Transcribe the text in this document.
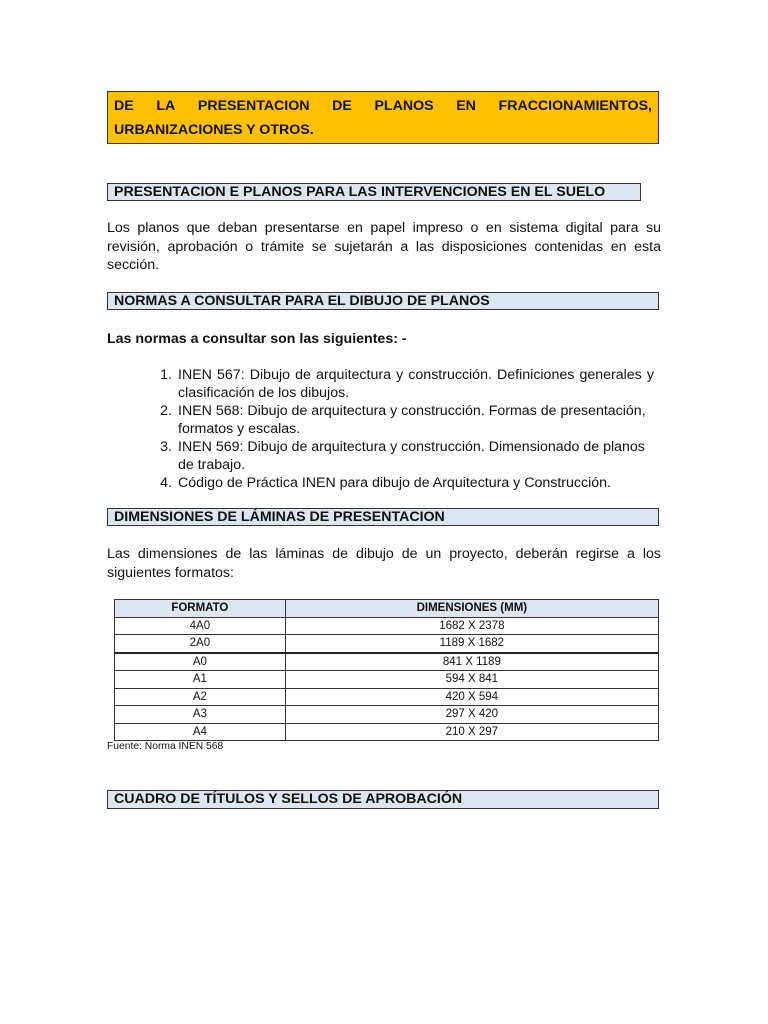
DE LA PRESENTACION DE PLANOS EN FRACCIONAMIENTOS,
URBANIZACIONES Y OTROS.
PRESENTACION E PLANOS PARA LAS INTERVENCIONES EN EL SUELO
Los planos que deban presentarse en papel impreso o en sistema digital para su revisión, aprobación o trámite se sujetarán a las disposiciones contenidas en esta sección.
NORMAS A CONSULTAR PARA EL DIBUJO DE PLANOS
Las normas a consultar son las siguientes: -
1. INEN 567: Dibujo de arquitectura y construcción. Definiciones generales y clasificación de los dibujos.
2. INEN 568: Dibujo de arquitectura y construcción. Formas de presentación, formatos y escalas.
3. INEN 569: Dibujo de arquitectura y construcción. Dimensionado de planos de trabajo.
4. Código de Práctica INEN para dibujo de Arquitectura y Construcción.
DIMENSIONES DE LÁMINAS DE PRESENTACION
Las dimensiones de las láminas de dibujo de un proyecto, deberán regirse a los siguientes formatos:
FORMATO	DIMENSIONES (MM)
4A0	1682 X 2378
2A0	1189 X 1682
A0	841 X 1189
A1	594 X 841
A2	420 X 594
A3	297 X 420
A4	210 X 297
Fuente: Norma INEN 568
CUADRO DE TÍTULOS Y SELLOS DE APROBACIÓN
